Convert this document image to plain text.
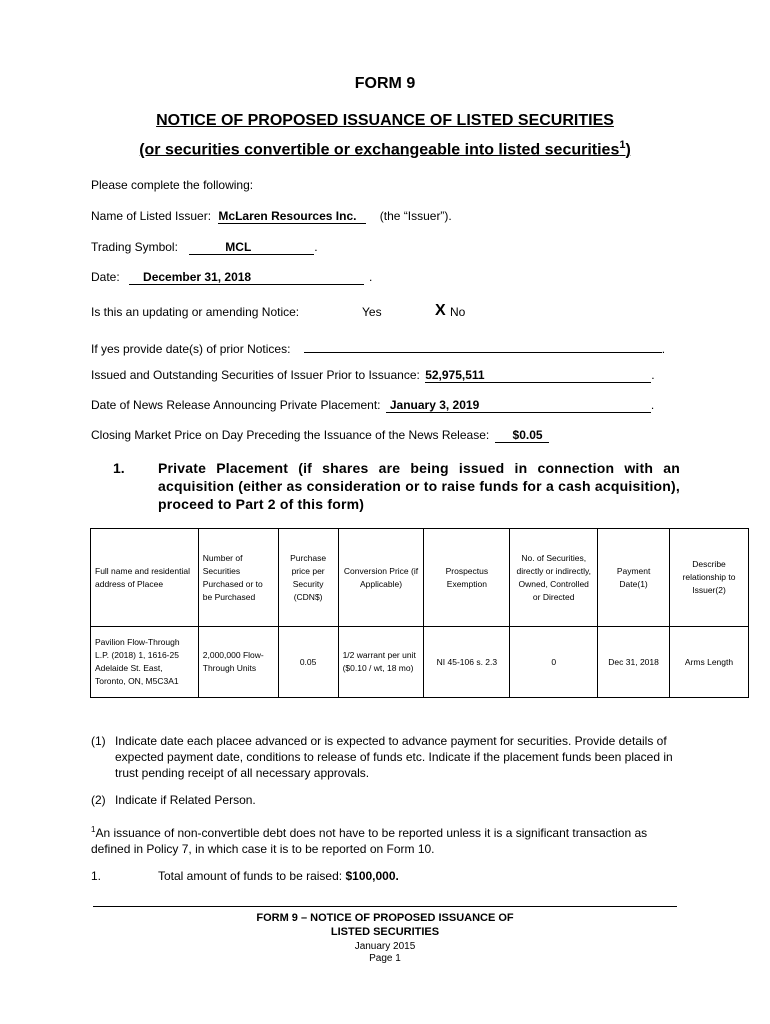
FORM 9
NOTICE OF PROPOSED ISSUANCE OF LISTED SECURITIES
(or securities convertible or exchangeable into listed securities$^1$)
Please complete the following:
Name of Listed Issuer: McLaren Resources Inc. (the “Issuer”).
Trading Symbol:	MCL	.
Date: December 31, 2018	.
Is this an updating or amending Notice:	Yes	X No
If yes provide date(s) of prior Notices:	.
Issued and Outstanding Securities of Issuer Prior to Issuance: 52,975,511	.
Date of News Release Announcing Private Placement: January 3, 2019	.
Closing Market Price on Day Preceding the Issuance of the News Release: $0.05
1. Private Placement (if shares are being issued in connection with an acquisition (either as consideration or to raise funds for a cash acquisition), proceed to Part 2 of this form)
Full name and residential address of Placee	Number of Securities Purchased or to be Purchased	Purchase price per Security (CDN$)	Conversion Price (if Applicable)	Prospectus Exemption	No. of Securities, directly or indirectly, Owned, Controlled or Directed	Payment Date(1)	Describe relationship to Issuer(2)
Pavilion Flow-Through L.P. (2018) 1, 1616-25 Adelaide St. East, Toronto, ON, M5C3A1	2,000,000 Flow-Through Units	0.05	1/2 warrant per unit ($0.10 / wt, 18 mo)	NI 45-106 s. 2.3	0	Dec 31, 2018	Arms Length
(1) Indicate date each placee advanced or is expected to advance payment for securities. Provide details of expected payment date, conditions to release of funds etc. Indicate if the placement funds been placed in trust pending receipt of all necessary approvals.
(2) Indicate if Related Person.
$^1$An issuance of non-convertible debt does not have to be reported unless it is a significant transaction as defined in Policy 7, in which case it is to be reported on Form 10.
1.	Total amount of funds to be raised: $100,000.
FORM 9 – NOTICE OF PROPOSED ISSUANCE OF
LISTED SECURITIES
January 2015
Page 1
